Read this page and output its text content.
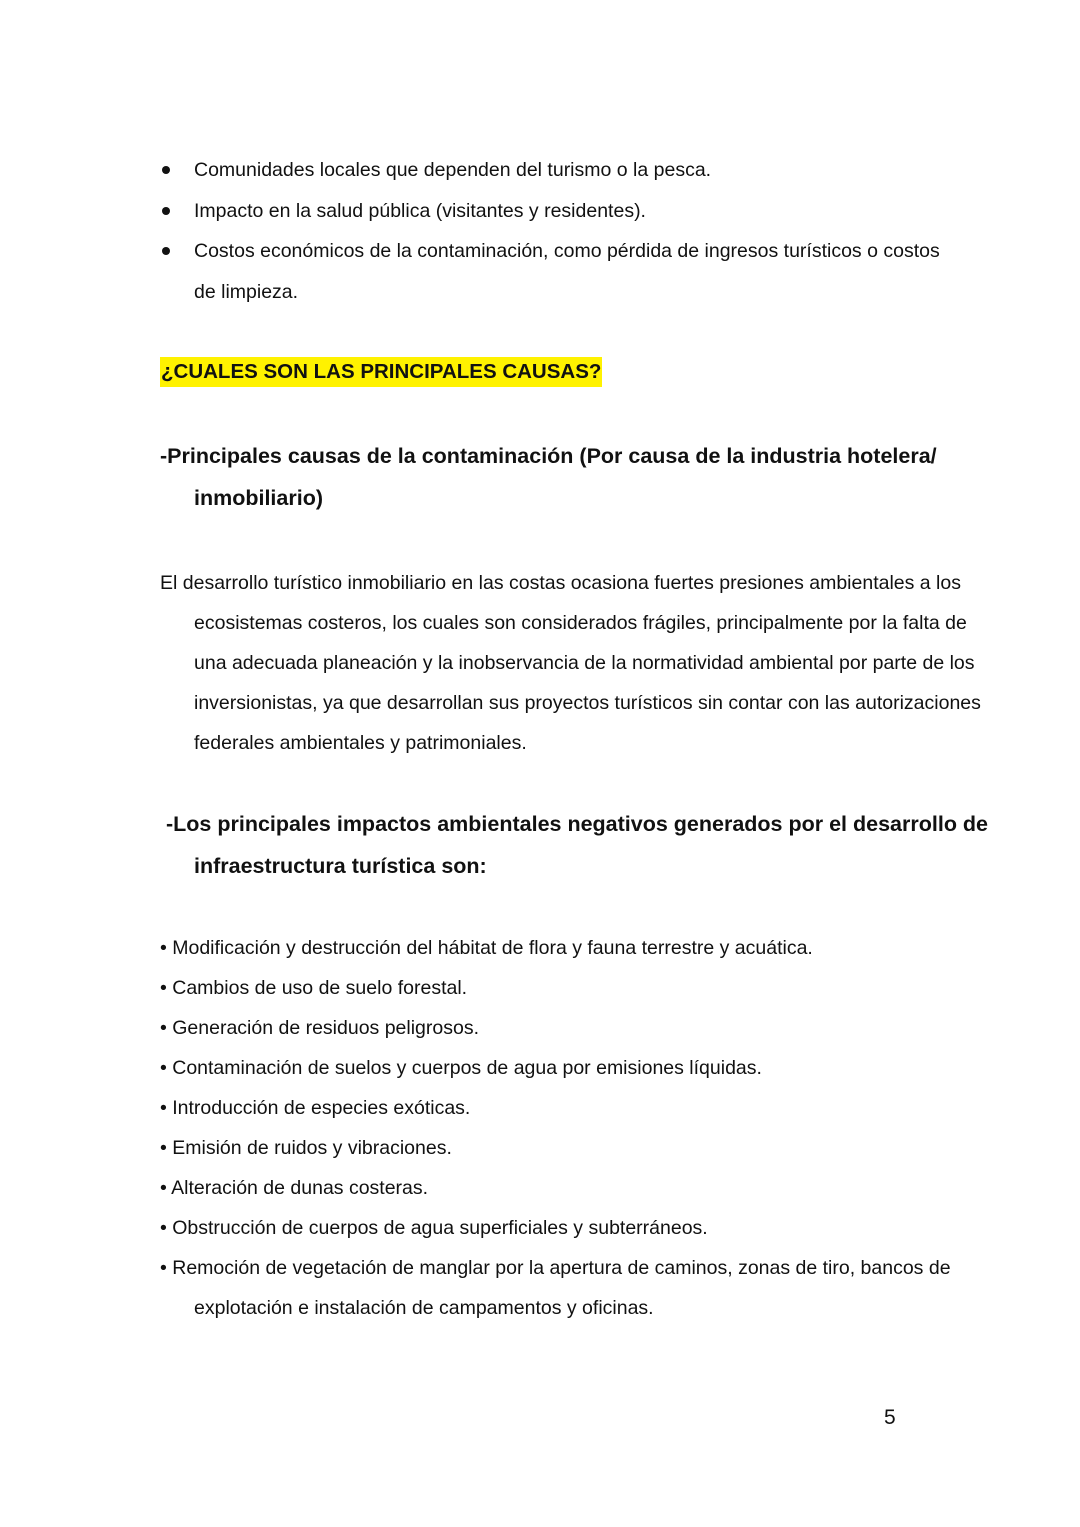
Comunidades locales que dependen del turismo o la pesca.
Impacto en la salud pública (visitantes y residentes).
Costos económicos de la contaminación, como pérdida de ingresos turísticos o costos de limpieza.
¿CUALES SON LAS PRINCIPALES CAUSAS?
-Principales causas de la contaminación (Por causa de la industria hotelera/ inmobiliario)
El desarrollo turístico inmobiliario en las costas ocasiona fuertes presiones ambientales a los ecosistemas costeros, los cuales son considerados frágiles, principalmente por la falta de una adecuada planeación y la inobservancia de la normatividad ambiental por parte de los inversionistas, ya que desarrollan sus proyectos turísticos sin contar con las autorizaciones federales ambientales y patrimoniales.
-Los principales impactos ambientales negativos generados por el desarrollo de infraestructura turística son:
• Modificación y destrucción del hábitat de flora y fauna terrestre y acuática.
• Cambios de uso de suelo forestal.
• Generación de residuos peligrosos.
• Contaminación de suelos y cuerpos de agua por emisiones líquidas.
• Introducción de especies exóticas.
• Emisión de ruidos y vibraciones.
• Alteración de dunas costeras.
• Obstrucción de cuerpos de agua superficiales y subterráneos.
• Remoción de vegetación de manglar por la apertura de caminos, zonas de tiro, bancos de explotación e instalación de campamentos y oficinas.
5
